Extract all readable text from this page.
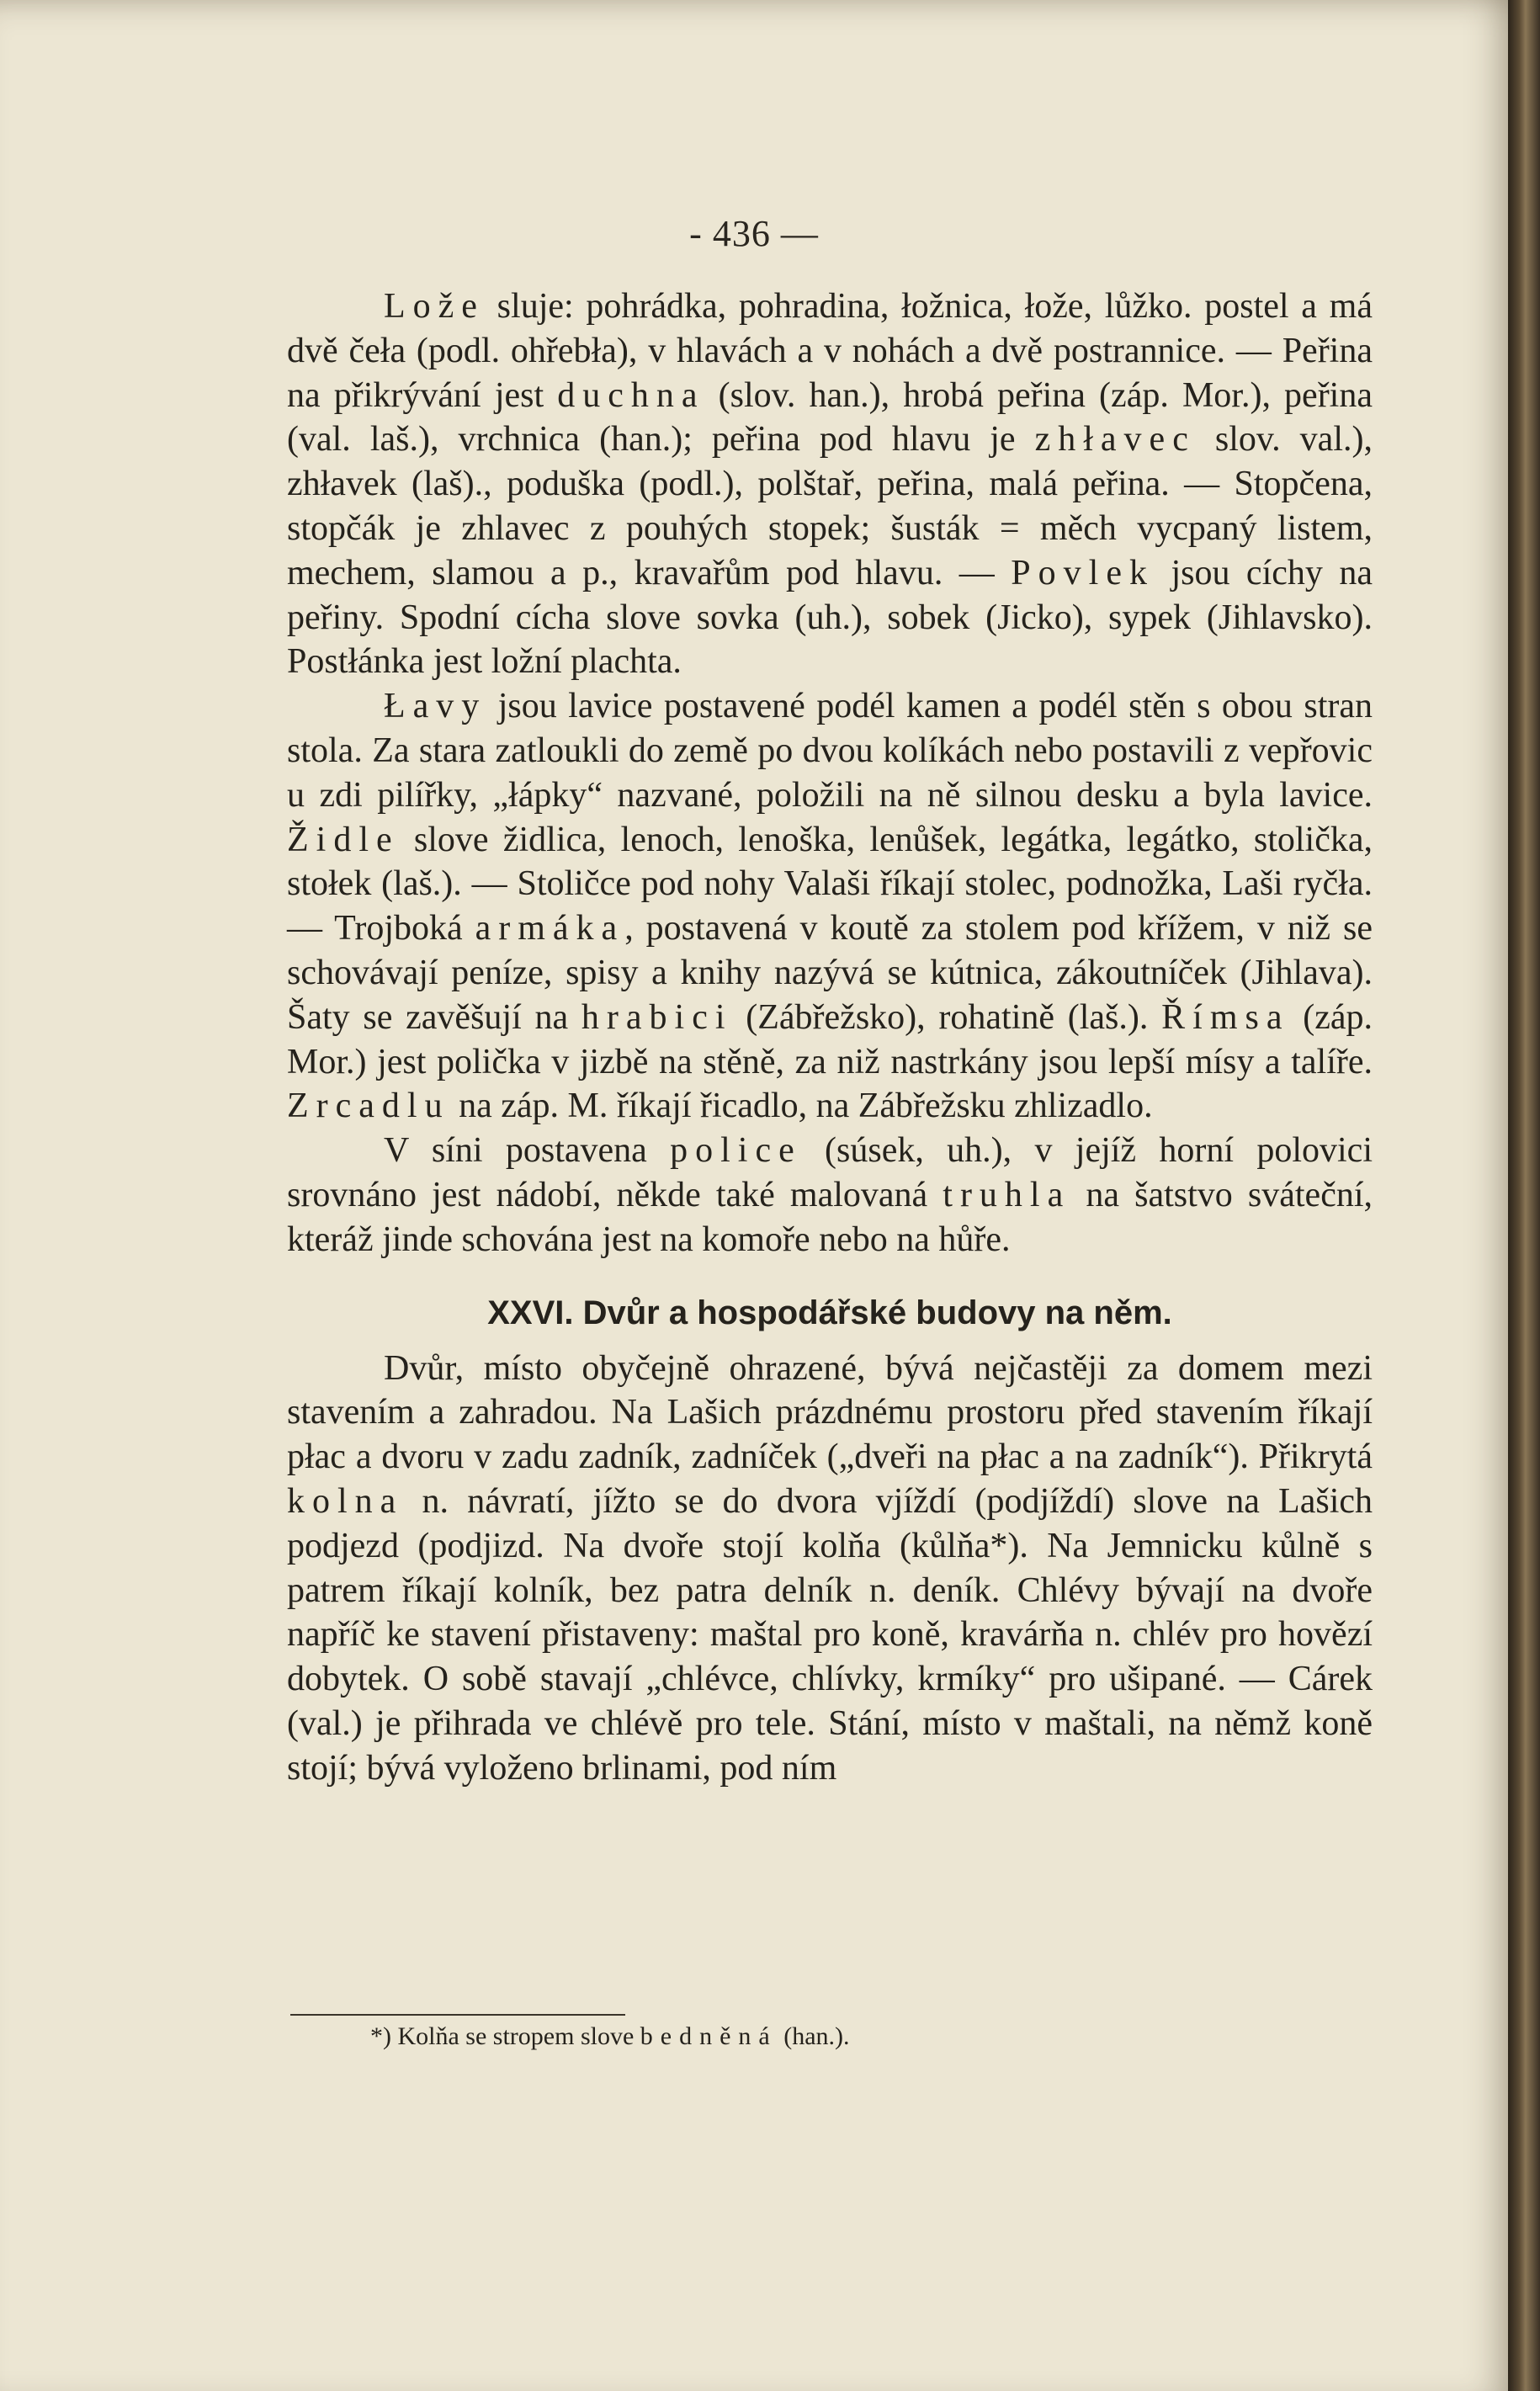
- 436 —

Lože sluje: pohrádka, pohradina, łožnica, łože, lůžko. postel a má dvě čeła (podl. ohřebła), v hlavách a v nohách a dvě postrannice. — Peřina na přikrývání jest duchna (slov. han.), hrobá peřina (záp. Mor.), peřina (val. laš.), vrchnica (han.); peřina pod hlavu je zhłavec slov. val.), zhłavek (laš)., poduška (podl.), polštař, peřina, malá peřina. — Stopčena, stopčák je zhlavec z pouhých stopek; šusták = měch vycpaný listem, mechem, slamou a p., kravařům pod hlavu. — Povlek jsou cíchy na peřiny. Spodní cícha slove sovka (uh.), sobek (Jicko), sypek (Jihlavsko). Postłánka jest ložní plachta.

Łavy jsou lavice postavené podél kamen a podél stěn s obou stran stola. Za stara zatloukli do země po dvou kolíkách nebo postavili z vepřovic u zdi pilířky, „łápky“ nazvané, položili na ně silnou desku a byla lavice. Židle slove židlica, lenoch, lenoška, lenůšek, legátka, legátko, stolička, stołek (laš.). — Stoličce pod nohy Valaši říkají stolec, podnožka, Laši ryčła. — Trojboká armáka, postavená v koutě za stolem pod křížem, v niž se schovávají peníze, spisy a knihy nazývá se kútnica, zákoutníček (Jihlava). Šaty se zavěšují na hrabici (Zábřežsko), rohatině (laš.). Římsa (záp. Mor.) jest polička v jizbě na stěně, za niž nastrkány jsou lepší mísy a talíře. Zrcadlu na záp. M. říkají řicadlo, na Zábřežsku zhlizadlo.

V síni postavena police (súsek, uh.), v jejíž horní polovici srovnáno jest nádobí, někde také malovaná truhla na šatstvo sváteční, kteráž jinde schována jest na komoře nebo na hůře.

XXVI. Dvůr a hospodářské budovy na něm.

Dvůr, místo obyčejně ohrazené, bývá nejčastěji za domem mezi stavením a zahradou. Na Lašich prázdnému prostoru před stavením říkají płac a dvoru v zadu zadník, zadníček („dveři na płac a na zadník“). Přikrytá kolna n. návratí, jížto se do dvora vjíždí (podjíždí) slove na Lašich podjezd (podjizd. Na dvoře stojí kolňa (kůlňa*). Na Jemnicku kůlně s patrem říkají kolník, bez patra delník n. deník. Chlévy bývají na dvoře napříč ke stavení přistaveny: maštal pro koně, kravárňa n. chlév pro hovězí dobytek. O sobě stavají „chlévce, chlívky, krmíky“ pro ušipané. — Cárek (val.) je přihrada ve chlévě pro tele. Stání, místo v maštali, na němž koně stojí; bývá vyloženo brlinami, pod ním

*) Kolňa se stropem slove bedněná (han.).
